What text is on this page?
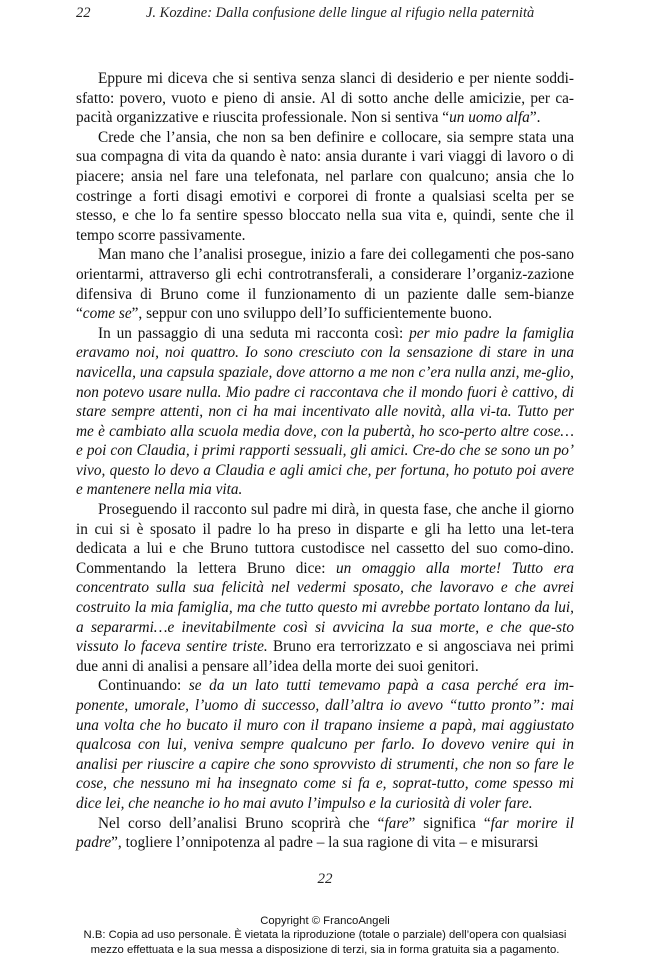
22	J. Kozdine: Dalla confusione delle lingue al rifugio nella paternità

Eppure mi diceva che si sentiva senza slanci di desiderio e per niente soddi-sfatto: povero, vuoto e pieno di ansie. Al di sotto anche delle amicizie, per ca-pacità organizzative e riuscita professionale. Non si sentiva “un uomo alfa”.

Crede che l’ansia, che non sa ben definire e collocare, sia sempre stata una sua compagna di vita da quando è nato: ansia durante i vari viaggi di lavoro o di piacere; ansia nel fare una telefonata, nel parlare con qualcuno; ansia che lo costringe a forti disagi emotivi e corporei di fronte a qualsiasi scelta per se stesso, e che lo fa sentire spesso bloccato nella sua vita e, quindi, sente che il tempo scorre passivamente.

Man mano che l’analisi prosegue, inizio a fare dei collegamenti che pos-sano orientarmi, attraverso gli echi controtransferali, a considerare l’organiz-zazione difensiva di Bruno come il funzionamento di un paziente dalle sem-bianze “come se”, seppur con uno sviluppo dell’Io sufficientemente buono.

In un passaggio di una seduta mi racconta così: per mio padre la famiglia eravamo noi, noi quattro. Io sono cresciuto con la sensazione di stare in una navicella, una capsula spaziale, dove attorno a me non c’era nulla anzi, me-glio, non potevo usare nulla. Mio padre ci raccontava che il mondo fuori è cattivo, di stare sempre attenti, non ci ha mai incentivato alle novità, alla vi-ta. Tutto per me è cambiato alla scuola media dove, con la pubertà, ho sco-perto altre cose…e poi con Claudia, i primi rapporti sessuali, gli amici. Cre-do che se sono un po’ vivo, questo lo devo a Claudia e agli amici che, per fortuna, ho potuto poi avere e mantenere nella mia vita.

Proseguendo il racconto sul padre mi dirà, in questa fase, che anche il giorno in cui si è sposato il padre lo ha preso in disparte e gli ha letto una let-tera dedicata a lui e che Bruno tuttora custodisce nel cassetto del suo como-dino. Commentando la lettera Bruno dice: un omaggio alla morte! Tutto era concentrato sulla sua felicità nel vedermi sposato, che lavoravo e che avrei costruito la mia famiglia, ma che tutto questo mi avrebbe portato lontano da lui, a separarmi…e inevitabilmente così si avvicina la sua morte, e che que-sto vissuto lo faceva sentire triste. Bruno era terrorizzato e si angosciava nei primi due anni di analisi a pensare all’idea della morte dei suoi genitori.

Continuando: se da un lato tutti temevamo papà a casa perché era im-ponente, umorale, l’uomo di successo, dall’altra io avevo “tutto pronto”: mai una volta che ho bucato il muro con il trapano insieme a papà, mai aggiustato qualcosa con lui, veniva sempre qualcuno per farlo. Io dovevo venire qui in analisi per riuscire a capire che sono sprovvisto di strumenti, che non so fare le cose, che nessuno mi ha insegnato come si fa e, soprat-tutto, come spesso mi dice lei, che neanche io ho mai avuto l’impulso e la curiosità di voler fare.

Nel corso dell’analisi Bruno scoprirà che “fare” significa “far morire il padre”, togliere l’onnipotenza al padre – la sua ragione di vita – e misurarsi

22
Copyright © FrancoAngeli
N.B: Copia ad uso personale. È vietata la riproduzione (totale o parziale) dell’opera con qualsiasi
mezzo effettuata e la sua messa a disposizione di terzi, sia in forma gratuita sia a pagamento.
